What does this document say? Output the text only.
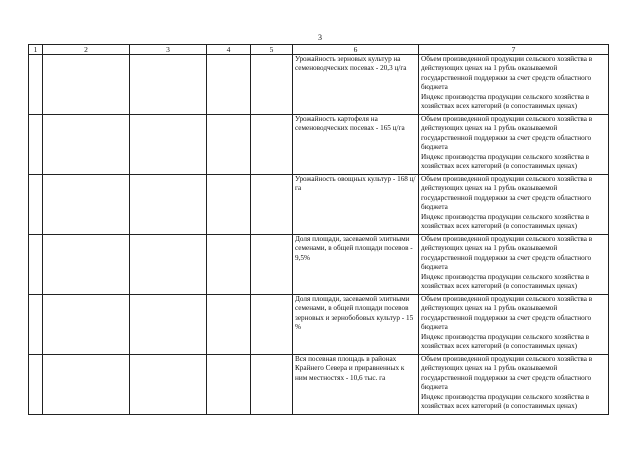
3
1	2	3	4	5	6	7
					Урожайность зерновых культур на семеноводческих посевах - 20,3 ц/га	Объем произведенной продукции сельского хозяйства в действующих ценах на 1 рубль оказываемой государственной поддержки за счет средств областного бюджета
Индекс производства продукции сельского хозяйства в хозяйствах всех категорий (в сопоставимых ценах)

					Урожайность картофеля на семеноводческих посевах - 165 ц/га	Объем произведенной продукции сельского хозяйства в действующих ценах на 1 рубль оказываемой государственной поддержки за счет средств областного бюджета
Индекс производства продукции сельского хозяйства в хозяйствах всех категорий (в сопоставимых ценах)

					Урожайность овощных культур - 168 ц/га	Объем произведенной продукции сельского хозяйства в действующих ценах на 1 рубль оказываемой государственной поддержки за счет средств областного бюджета
Индекс производства продукции сельского хозяйства в хозяйствах всех категорий (в сопоставимых ценах)

					Доля площади, засеваемой элитными семенами, в общей площади посевов - 9,5%	Объем произведенной продукции сельского хозяйства в действующих ценах на 1 рубль оказываемой государственной поддержки за счет средств областного бюджета
Индекс производства продукции сельского хозяйства в хозяйствах всех категорий (в сопоставимых ценах)

					Доля площади, засеваемой элитными семенами, в общей площади посевов зерновых и зернобобовых культур - 15 %	Объем произведенной продукции сельского хозяйства в действующих ценах на 1 рубль оказываемой государственной поддержки за счет средств областного бюджета
Индекс производства продукции сельского хозяйства в хозяйствах всех категорий (в сопоставимых ценах)

					Вся посевная площадь в районах Крайнего Севера и приравненных к ним местностях - 10,6 тыс. га	Объем произведенной продукции сельского хозяйства в действующих ценах на 1 рубль оказываемой государственной поддержки за счет средств областного бюджета
Индекс производства продукции сельского хозяйства в хозяйствах всех категорий (в сопоставимых ценах)
